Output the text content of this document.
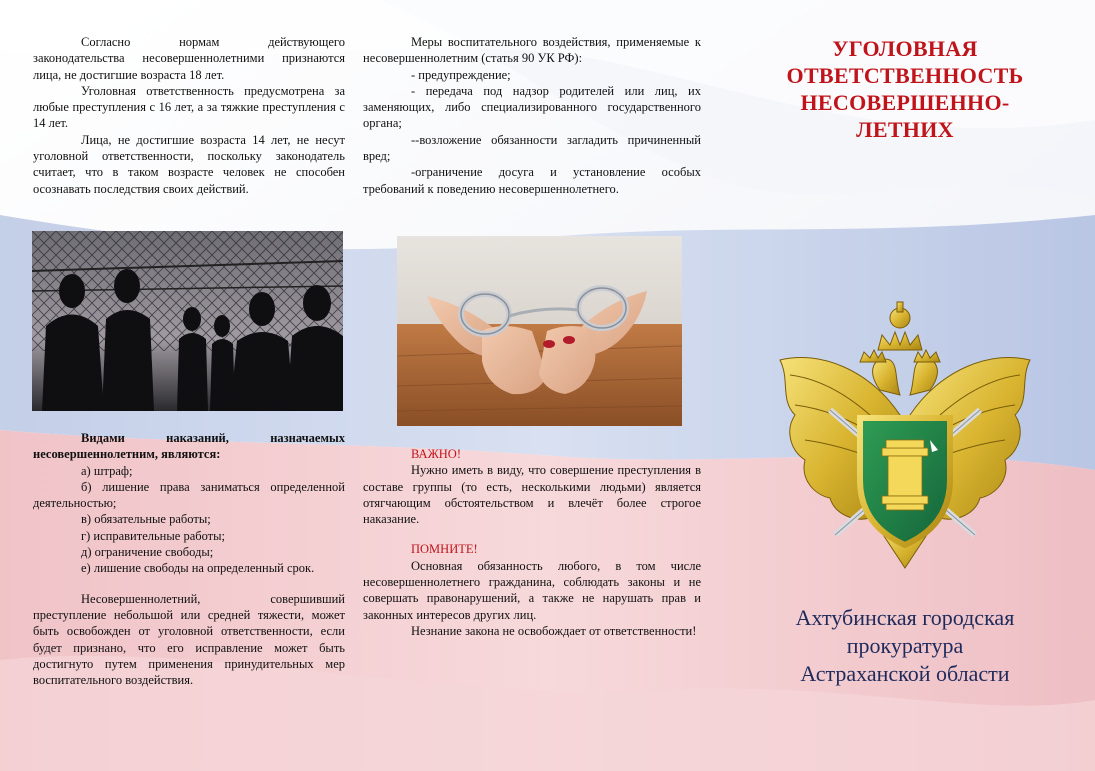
Согласно нормам действующего законодательства несовершеннолетними признаются лица, не достигшие возраста 18 лет.

Уголовная ответственность предусмотрена за любые преступления с 16 лет, а за тяжкие преступления с 14 лет.

Лица, не достигшие возраста 14 лет, не несут уголовной ответственности, поскольку законодатель считает, что в таком возрасте человек не способен осознавать последствия своих действий.

Видами наказаний, назначаемых несовершеннолетним, являются:

а) штраф;

б) лишение права заниматься определенной деятельностью;

в) обязательные работы;

г) исправительные работы;

д) ограничение свободы;

е) лишение свободы на определенный срок.

Несовершеннолетний, совершивший преступление небольшой или средней тяжести, может быть освобожден от уголовной ответственности, если будет признано, что его исправление может быть достигнуто путем применения принудительных мер воспитательного воздействия.

Меры воспитательного воздействия, применяемые к несовершеннолетним (статья 90 УК РФ):

- предупреждение;

- передача под надзор родителей или лиц, их заменяющих, либо специализированного государственного органа;

--возложение обязанности загладить причиненный вред;

-ограничение досуга и установление особых требований к поведению несовершеннолетнего.

ВАЖНО!

Нужно иметь в виду, что совершение преступления в составе группы (то есть, несколькими людьми) является отягчающим обстоятельством и влечёт более строгое наказание.

ПОМНИТЕ!

Основная обязанность любого, в том числе несовершеннолетнего гражданина, соблюдать законы и не совершать правонарушений, а также не нарушать прав и законных интересов других лиц.

Незнание закона не освобождает от ответственности!

УГОЛОВНАЯ
ОТВЕТСТВЕННОСТЬ
НЕСОВЕРШЕННО-
ЛЕТНИХ
Ахтубинская городская
прокуратура
Астраханской области
